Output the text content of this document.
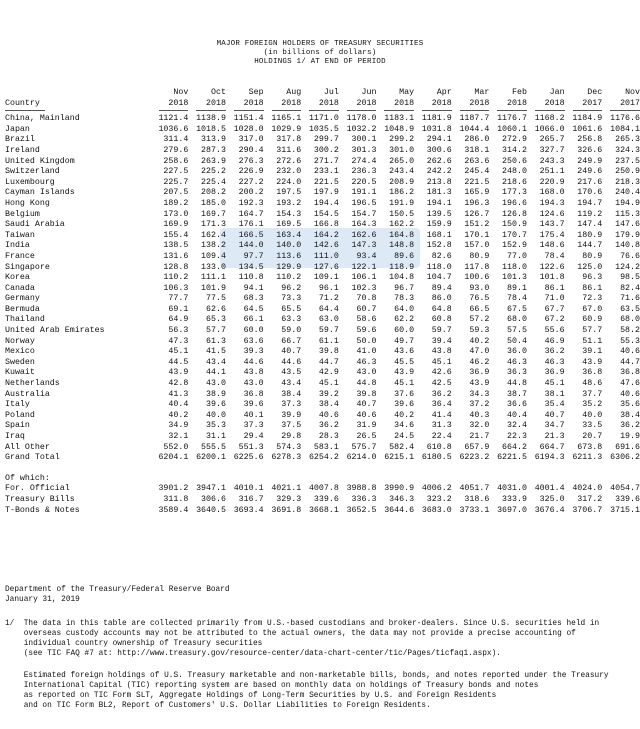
MAJOR FOREIGN HOLDERS OF TREASURY SECURITIES
(in billions of dollars)
HOLDINGS 1/ AT END OF PERIOD
	Nov	Oct	Sep	Aug	Jul	Jun	May	Apr	Mar	Feb	Jan	Dec	Nov
Country	2018	2018	2018	2018	2018	2018	2018	2018	2018	2018	2018	2017	2017

China, Mainland	1121.4	1138.9	1151.4	1165.1	1171.0	1178.0	1183.1	1181.9	1187.7	1176.7	1168.2	1184.9	1176.6
Japan	1036.6	1018.5	1028.0	1029.9	1035.5	1032.2	1048.9	1031.8	1044.4	1060.1	1066.0	1061.6	1084.1
Brazil	311.4	313.9	317.0	317.8	299.7	300.1	299.2	294.1	286.0	272.9	265.7	256.8	265.3
Ireland	279.6	287.3	290.4	311.6	300.2	301.3	301.0	300.6	318.1	314.2	327.7	326.6	324.3
United Kingdom	258.6	263.9	276.3	272.6	271.7	274.4	265.0	262.6	263.6	250.6	243.3	249.9	237.5
Switzerland	227.5	225.2	226.9	232.0	233.1	236.3	243.4	242.2	245.4	248.0	251.1	249.6	250.9
Luxembourg	225.7	225.4	227.2	224.0	221.5	220.5	208.9	213.8	221.5	218.6	220.9	217.6	218.3
Cayman Islands	207.5	208.2	200.2	197.5	197.9	191.1	186.2	181.3	165.9	177.3	168.0	170.6	240.4
Hong Kong	189.2	185.0	192.3	193.2	194.4	196.5	191.9	194.1	196.3	196.6	194.3	194.7	194.9
Belgium	173.0	169.7	164.7	154.3	154.5	154.7	150.5	139.5	126.7	126.8	124.6	119.2	115.3
Saudi Arabia	169.9	171.3	176.1	169.5	166.8	164.3	162.2	159.9	151.2	150.9	143.7	147.4	147.6
Taiwan	155.4	162.4	166.5	163.4	164.2	162.6	164.8	168.1	170.1	170.7	175.4	180.9	179.9
India	138.5	138.2	144.0	140.0	142.6	147.3	148.8	152.8	157.0	152.9	148.6	144.7	140.8
France	131.6	109.4	97.7	113.6	111.0	93.4	89.6	82.6	80.9	77.0	78.4	80.9	76.6
Singapore	128.8	133.0	134.5	129.9	127.6	122.1	118.9	118.0	117.8	118.0	122.6	125.0	124.2
Korea	110.2	111.1	110.8	110.2	109.1	106.1	104.8	104.7	100.6	101.3	101.8	96.3	98.5
Canada	106.3	101.9	94.1	96.2	96.1	102.3	96.7	89.4	93.0	89.1	86.1	86.1	82.4
Germany	77.7	77.5	68.3	73.3	71.2	70.8	78.3	86.0	76.5	78.4	71.0	72.3	71.6
Bermuda	69.1	62.6	64.5	65.5	64.4	60.7	64.0	64.8	66.5	67.5	67.7	67.0	63.5
Thailand	64.9	65.3	66.1	63.3	63.0	58.6	62.2	60.8	57.2	68.0	67.2	60.9	68.0
United Arab Emirates	56.3	57.7	60.0	59.0	59.7	59.6	60.0	59.7	59.3	57.5	55.6	57.7	58.2
Norway	47.3	61.3	63.6	66.7	61.1	50.0	49.7	39.4	40.2	50.4	46.9	51.1	55.3
Mexico	45.1	41.5	39.3	40.7	39.8	41.0	43.6	43.8	47.0	36.0	36.2	39.1	40.6
Sweden	44.5	43.4	44.6	44.6	44.7	46.3	45.5	45.1	46.2	46.3	46.3	43.9	44.7
Kuwait	43.9	44.1	43.8	43.5	42.9	43.0	43.9	42.6	36.9	36.3	36.9	36.8	36.8
Netherlands	42.8	43.0	43.0	43.4	45.1	44.8	45.1	42.5	43.9	44.8	45.1	48.6	47.6
Australia	41.3	38.9	36.8	38.4	39.2	39.8	37.6	36.2	34.3	38.7	38.1	37.7	40.6
Italy	40.4	39.6	39.6	37.3	38.4	40.7	39.6	36.4	37.2	36.6	35.4	35.2	35.6
Poland	40.2	40.0	40.1	39.9	40.6	40.6	40.2	41.4	40.3	40.4	40.7	40.0	38.4
Spain	34.9	35.3	37.3	37.5	36.2	31.9	34.6	31.3	32.0	32.4	34.7	33.5	36.2
Iraq	32.1	31.1	29.4	29.8	28.3	26.5	24.5	22.4	21.7	22.3	21.3	20.7	19.9
All Other	552.0	555.5	551.3	574.3	583.1	575.7	582.4	610.8	657.9	664.2	664.7	673.8	691.6
Grand Total	6204.1	6200.1	6225.6	6278.3	6254.2	6214.0	6215.1	6180.5	6223.2	6221.5	6194.3	6211.3	6306.2

Of which:													
For. Official	3901.2	3947.1	4010.1	4021.1	4007.8	3988.8	3990.9	4006.2	4051.7	4031.0	4001.4	4024.0	4054.7
Treasury Bills	311.8	306.6	316.7	329.3	339.6	336.3	346.3	323.2	318.6	333.9	325.0	317.2	339.6
T-Bonds & Notes	3589.4	3640.5	3693.4	3691.8	3668.1	3652.5	3644.6	3683.0	3733.1	3697.0	3676.4	3706.7	3715.1
Department of the Treasury/Federal Reserve Board
January 31, 2019
1/  The data in this table are collected primarily from U.S.-based custodians and broker-dealers. Since U.S. securities held in
overseas custody accounts may not be attributed to the actual owners, the data may not provide a precise accounting of
individual country ownership of Treasury securities
(see TIC FAQ #7 at: http://www.treasury.gov/resource-center/data-chart-center/tic/Pages/ticfaq1.aspx).
Estimated foreign holdings of U.S. Treasury marketable and non-marketable bills, bonds, and notes reported under the Treasury
International Capital (TIC) reporting system are based on monthly data on holdings of Treasury bonds and notes
as reported on TIC Form SLT, Aggregate Holdings of Long-Term Securities by U.S. and Foreign Residents
and on TIC Form BL2, Report of Customers' U.S. Dollar Liabilities to Foreign Residents.
